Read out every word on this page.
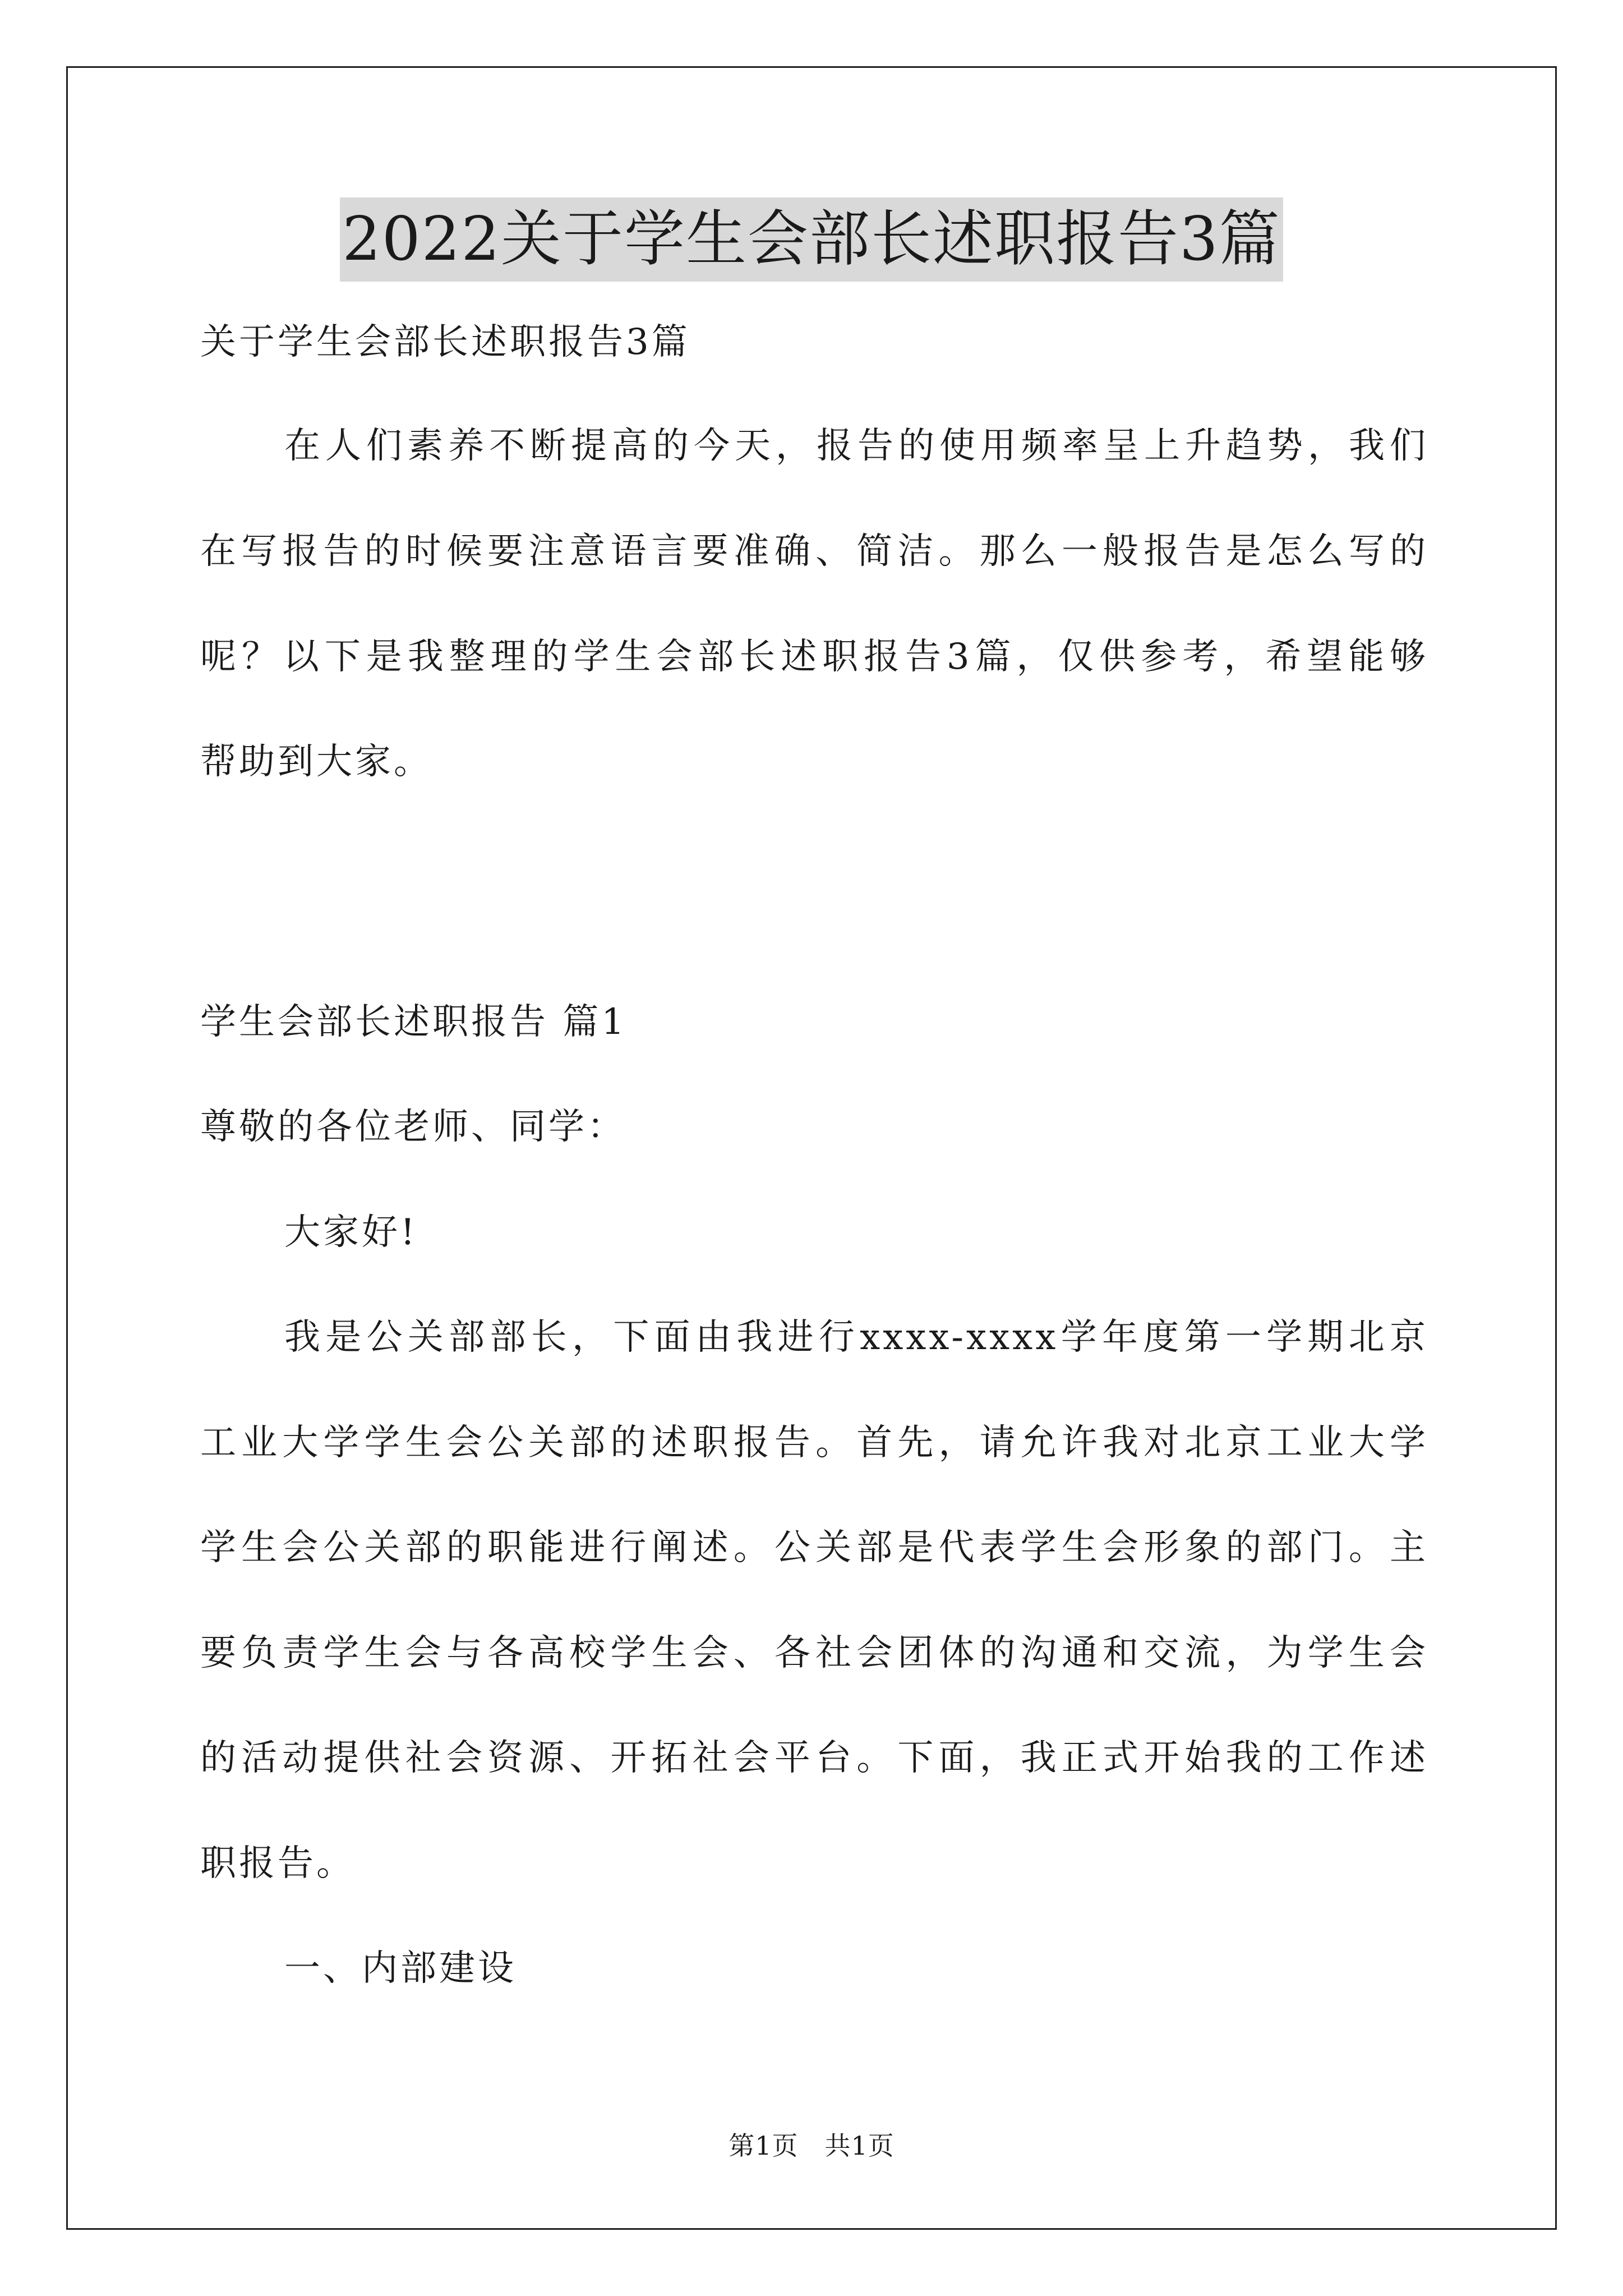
2022关于学生会部长述职报告3篇
关于学生会部长述职报告3篇
在人们素养不断提高的今天，报告的使用频率呈上升趋势，我们
在写报告的时候要注意语言要准确、简洁。那么一般报告是怎么写的
呢？以下是我整理的学生会部长述职报告3篇，仅供参考，希望能够
帮助到大家。
学生会部长述职报告 篇1
尊敬的各位老师、同学：
大家好!
我是公关部部长，下面由我进行xxxx-xxxx学年度第一学期北京
工业大学学生会公关部的述职报告。首先，请允许我对北京工业大学
学生会公关部的职能进行阐述。公关部是代表学生会形象的部门。主
要负责学生会与各高校学生会、各社会团体的沟通和交流，为学生会
的活动提供社会资源、开拓社会平台。下面，我正式开始我的工作述
职报告。
一、内部建设
第1页　共1页
